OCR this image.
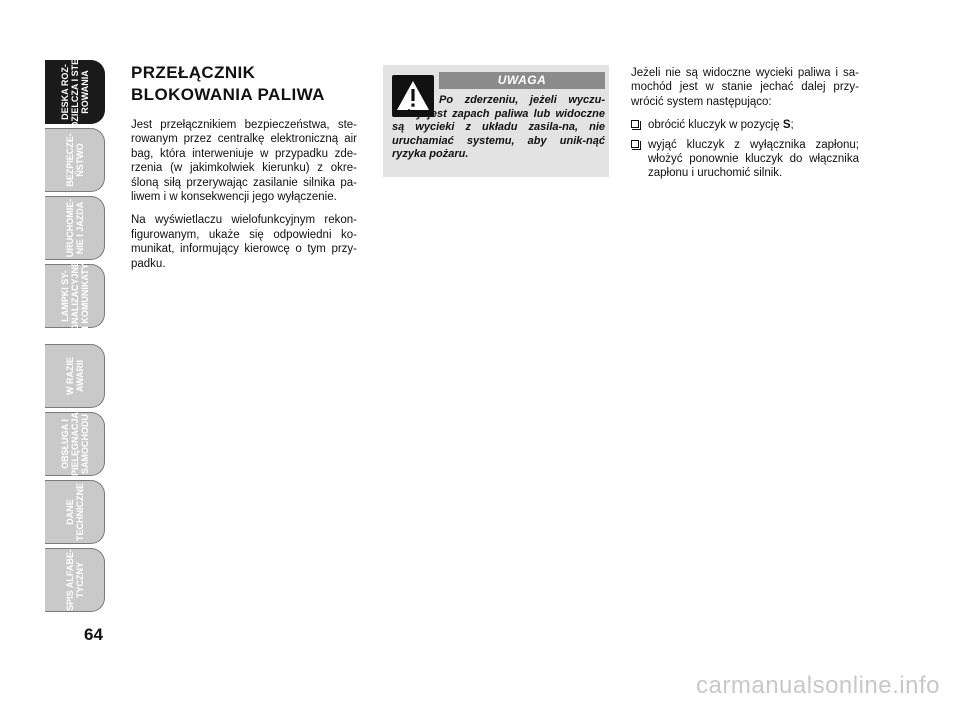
DESKA ROZ-
DZIELCZA I STE-
ROWANIA
BEZPIECZE-
ŃSTWO
URUCHOMIE-
NIE I JAZDA
LAMPKI SY-
GNALIZACYJNE
I KOMUNIKATY
W RAZIE
AWARII
OBSŁUGA I
PIELĘGNACJA
SAMOCHODU
DANE
TECHNICZNE
SPIS ALFABE-
TYCZNY
64
PRZEŁĄCZNIK
BLOKOWANIA PALIWA

Jest przełącznikiem bezpieczeństwa, ste-rowanym przez centralkę elektroniczną air bag, która interweniuje w przypadku zde-rzenia (w jakimkolwiek kierunku) z okre-śloną siłą przerywając zasilanie silnika pa-liwem i w konsekwencji jego wyłączenie.

Na wyświetlaczu wielofunkcyjnym rekon-figurowanym, ukaże się odpowiedni ko-munikat, informujący kierowcę o tym przy-padku.

UWAGA

Po zderzeniu, jeżeli wyczu-walny jest zapach paliwa lub widoczne są wycieki z układu zasila-na, nie uruchamiać systemu, aby unik-nąć ryzyka pożaru.

Jeżeli nie są widoczne wycieki paliwa i sa-mochód jest w stanie jechać dalej przy-wrócić system następująco:

obrócić kluczyk w pozycję S;
wyjąć kluczyk z wyłącznika zapłonu; włożyć ponownie kluczyk do włącznika zapłonu i uruchomić silnik.
carmanualsonline.info
